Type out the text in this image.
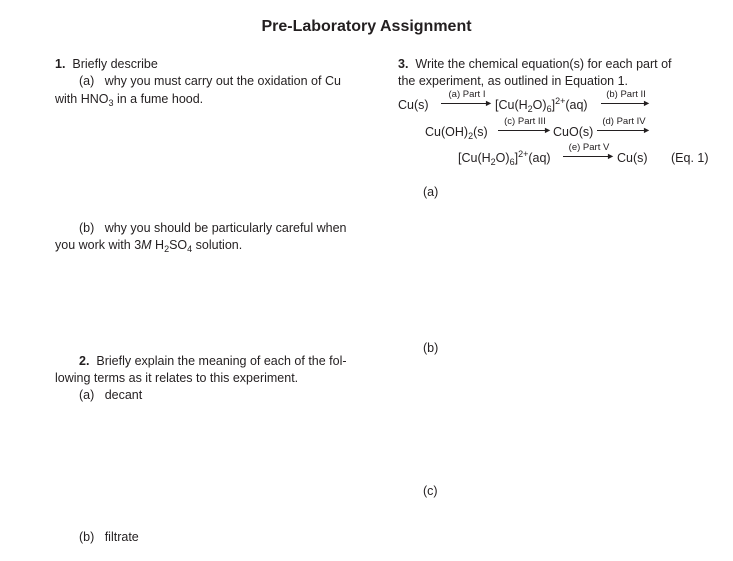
Pre-Laboratory Assignment
1. Briefly describe
(a) why you must carry out the oxidation of Cu
with $HNO_3$ in a fume hood.
(b) why you should be particularly careful when
you work with 3M $H_2SO_4$ solution.
2. Briefly explain the meaning of each of the fol-
lowing terms as it relates to this experiment.
(a) decant
(b) filtrate
3. Write the chemical equation(s) for each part of
the experiment, as outlined in Equation 1.
Cu(s)
(a) Part I
► $[Cu(H_2O)_6]^{2+}(aq)$
(b) Part II
►
$Cu(OH)_2(s)$
(c) Part III
► CuO(s)
(d) Part IV
►
$[Cu(H_2O)_6]^{2+}(aq)$
(e) Part V
► Cu(s) (Eq. 1)
(a)
(b)
(c)
